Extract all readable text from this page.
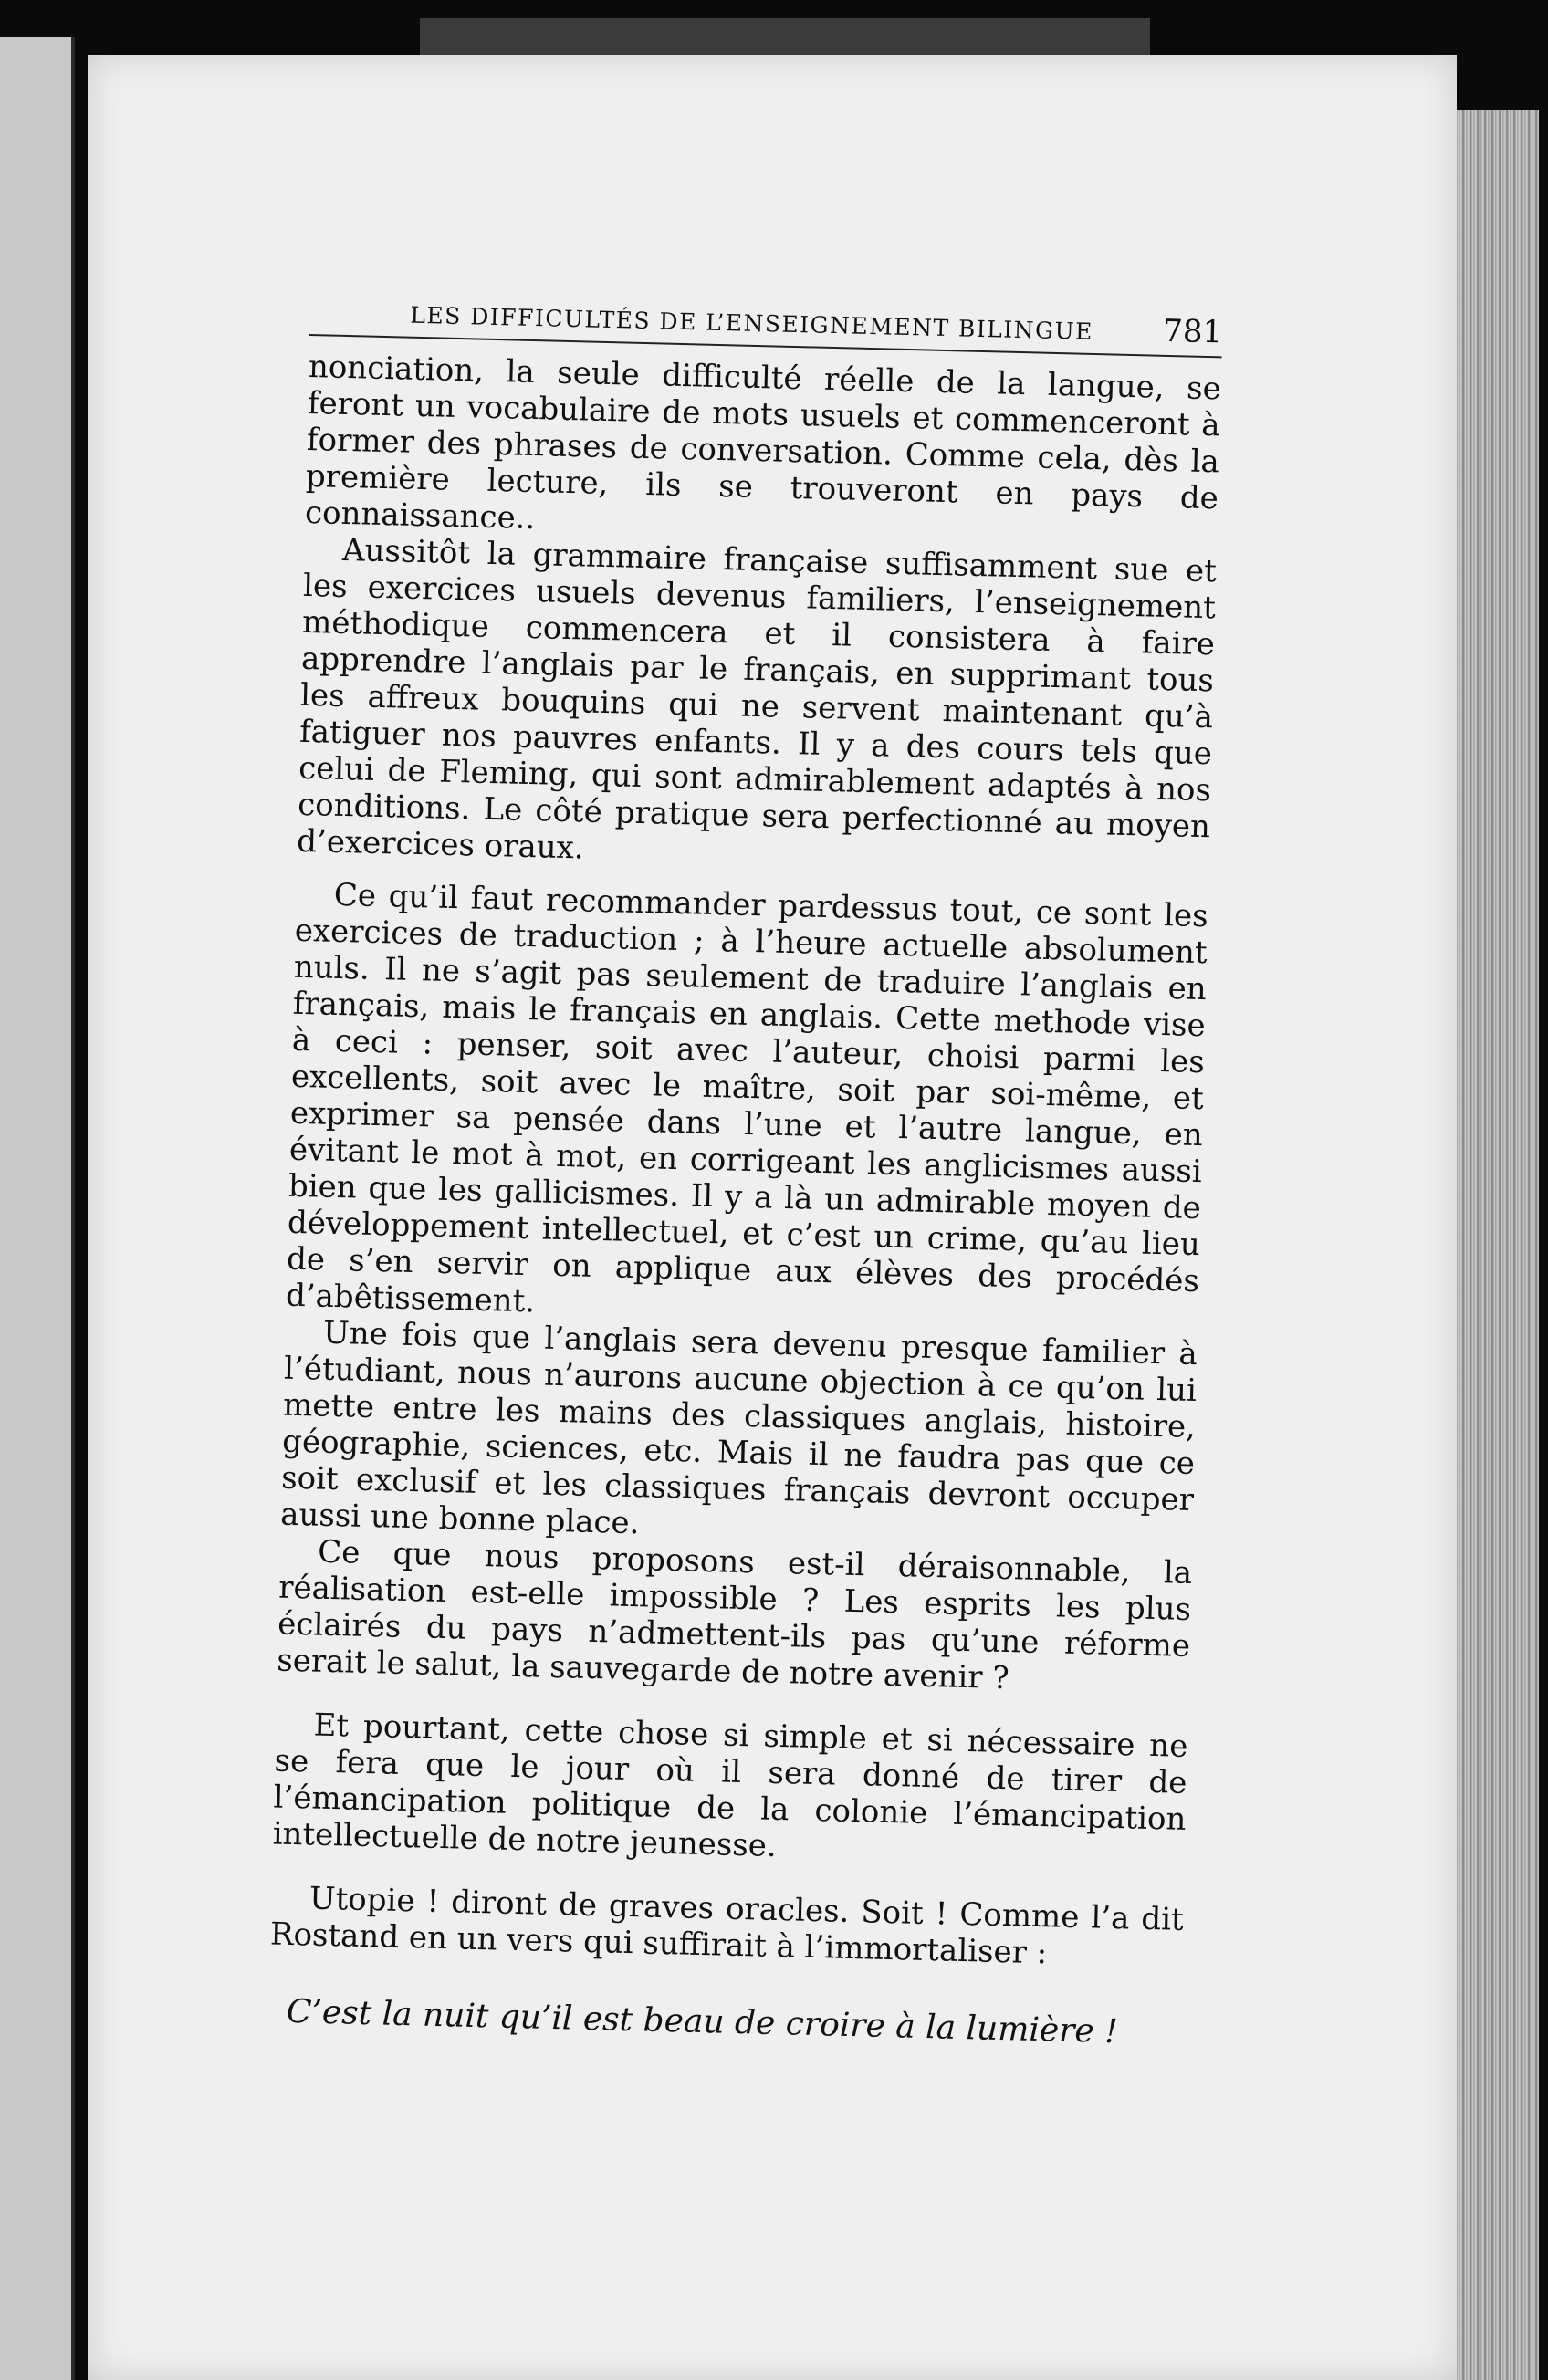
LES DIFFICULTÉS DE L’ENSEIGNEMENT BILINGUE 781

nonciation, la seule difficulté réelle de la langue, se feront un vocabulaire de mots usuels et commenceront à former des phrases de conversation. Comme cela, dès la première lecture, ils se trouveront en pays de connaissance..

Aussitôt la grammaire française suffisamment sue et les exercices usuels devenus familiers, l’enseignement méthodique commencera et il consistera à faire apprendre l’anglais par le français, en supprimant tous les affreux bouquins qui ne servent maintenant qu’à fatiguer nos pauvres enfants. Il y a des cours tels que celui de Fleming, qui sont admirablement adaptés à nos conditions. Le côté pratique sera perfectionné au moyen d’exercices oraux.

Ce qu’il faut recommander pardessus tout, ce sont les exercices de traduction ; à l’heure actuelle absolument nuls. Il ne s’agit pas seulement de traduire l’anglais en français, mais le français en anglais. Cette methode vise à ceci : penser, soit avec l’auteur, choisi parmi les excellents, soit avec le maître, soit par soi-même, et exprimer sa pensée dans l’une et l’autre langue, en évitant le mot à mot, en corrigeant les anglicismes aussi bien que les gallicismes. Il y a là un admirable moyen de développement intellectuel, et c’est un crime, qu’au lieu de s’en servir on applique aux élèves des procédés d’abêtissement.

Une fois que l’anglais sera devenu presque familier à l’étudiant, nous n’aurons aucune objection à ce qu’on lui mette entre les mains des classiques anglais, histoire, géographie, sciences, etc. Mais il ne faudra pas que ce soit exclusif et les classiques français devront occuper aussi une bonne place.

Ce que nous proposons est-il déraisonnable, la réalisation est-elle impossible ? Les esprits les plus éclairés du pays n’admettent-ils pas qu’une réforme serait le salut, la sauvegarde de notre avenir ?

Et pourtant, cette chose si simple et si nécessaire ne se fera que le jour où il sera donné de tirer de l’émancipation politique de la colonie l’émancipation intellectuelle de notre jeunesse.

Utopie ! diront de graves oracles. Soit ! Comme l’a dit Rostand en un vers qui suffirait à l’immortaliser :

C’est la nuit qu’il est beau de croire à la lumière !
